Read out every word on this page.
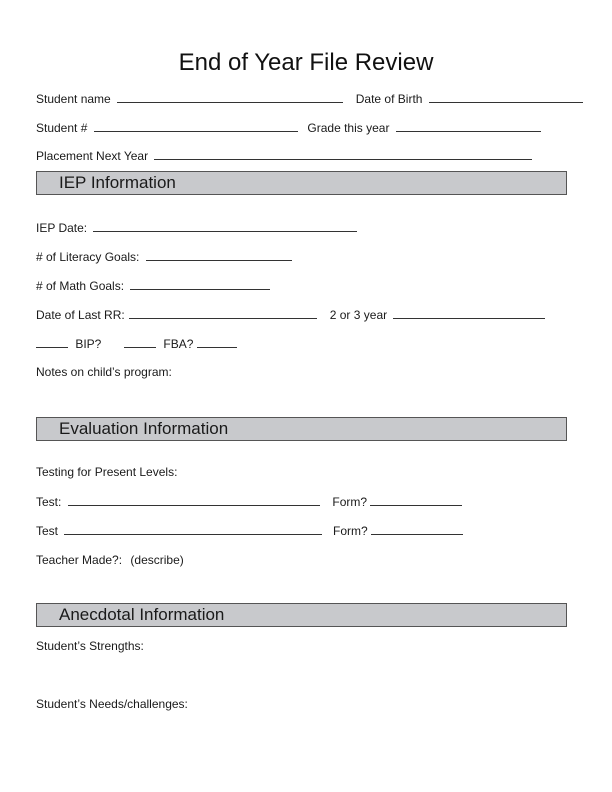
End of Year File Review
Student name	Date of Birth
Student #	Grade this year
Placement Next Year
IEP Information
IEP Date:
# of Literacy Goals:
# of Math Goals:
Date of Last RR:	2 or 3 year
BIP?	FBA?
Notes on child’s program:
Evaluation Information
Testing for Present Levels:
Test:	Form?
Test	Form?
Teacher Made?: (describe)
Anecdotal Information
Student’s Strengths:
Student’s Needs/challenges:
